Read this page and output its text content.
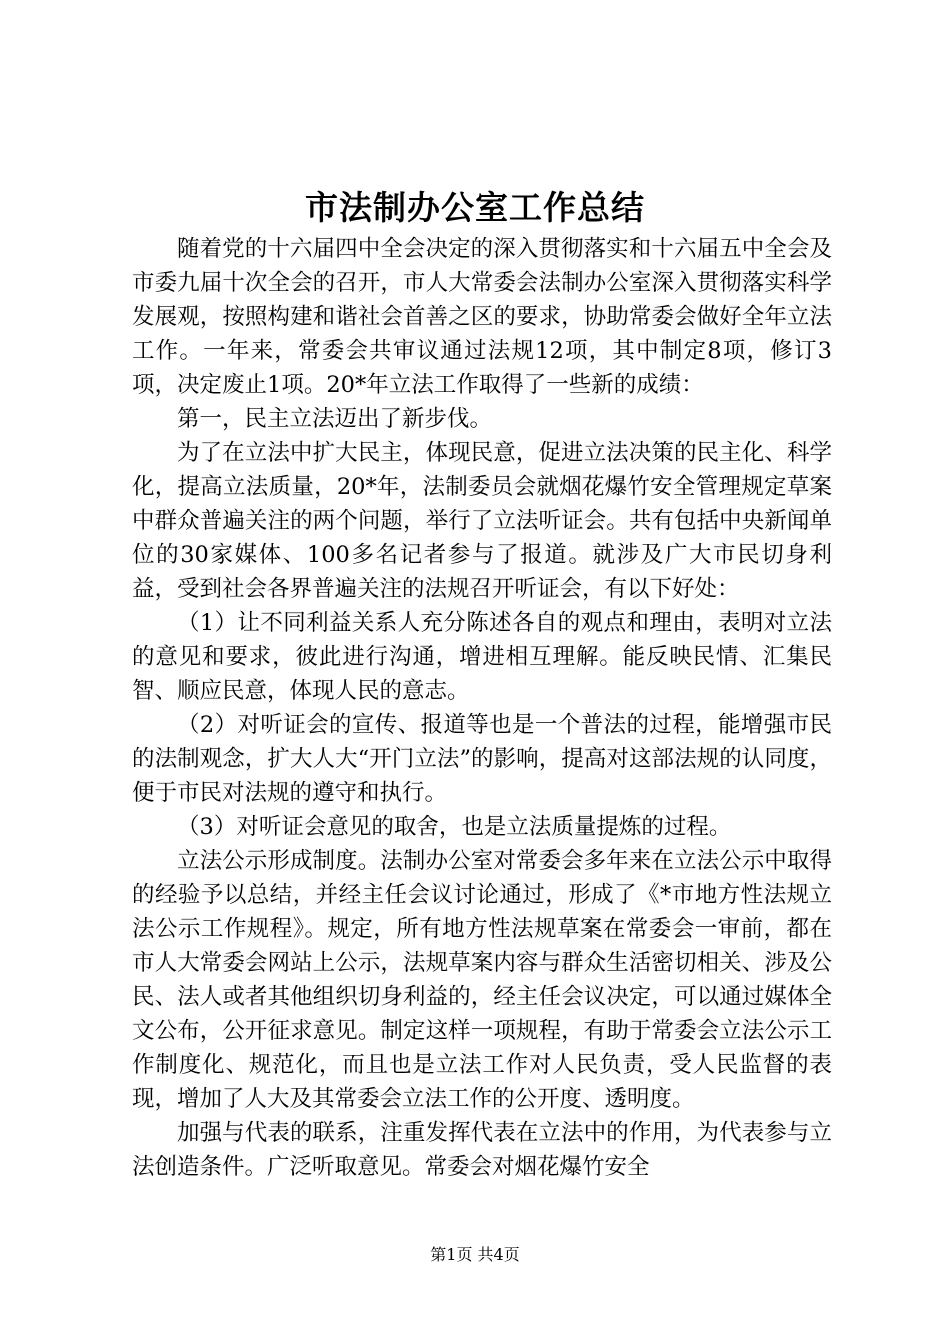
市法制办公室工作总结

随着党的十六届四中全会决定的深入贯彻落实和十六届五中全会及市委九届十次全会的召开，市人大常委会法制办公室深入贯彻落实科学发展观，按照构建和谐社会首善之区的要求，协助常委会做好全年立法工作。一年来，常委会共审议通过法规12项，其中制定8项，修订3项，决定废止1项。20*年立法工作取得了一些新的成绩：

第一，民主立法迈出了新步伐。

为了在立法中扩大民主，体现民意，促进立法决策的民主化、科学化，提高立法质量，20*年，法制委员会就烟花爆竹安全管理规定草案中群众普遍关注的两个问题，举行了立法听证会。共有包括中央新闻单位的30家媒体、100多名记者参与了报道。就涉及广大市民切身利益，受到社会各界普遍关注的法规召开听证会，有以下好处：

（1）让不同利益关系人充分陈述各自的观点和理由，表明对立法的意见和要求，彼此进行沟通，增进相互理解。能反映民情、汇集民智、顺应民意，体现人民的意志。

（2）对听证会的宣传、报道等也是一个普法的过程，能增强市民的法制观念，扩大人大“开门立法”的影响，提高对这部法规的认同度，便于市民对法规的遵守和执行。

（3）对听证会意见的取舍，也是立法质量提炼的过程。

立法公示形成制度。法制办公室对常委会多年来在立法公示中取得的经验予以总结，并经主任会议讨论通过，形成了《*市地方性法规立法公示工作规程》。规定，所有地方性法规草案在常委会一审前，都在市人大常委会网站上公示，法规草案内容与群众生活密切相关、涉及公民、法人或者其他组织切身利益的，经主任会议决定，可以通过媒体全文公布，公开征求意见。制定这样一项规程，有助于常委会立法公示工作制度化、规范化，而且也是立法工作对人民负责，受人民监督的表现，增加了人大及其常委会立法工作的公开度、透明度。

加强与代表的联系，注重发挥代表在立法中的作用，为代表参与立法创造条件。广泛听取意见。常委会对烟花爆竹安全

第1页 共4页
